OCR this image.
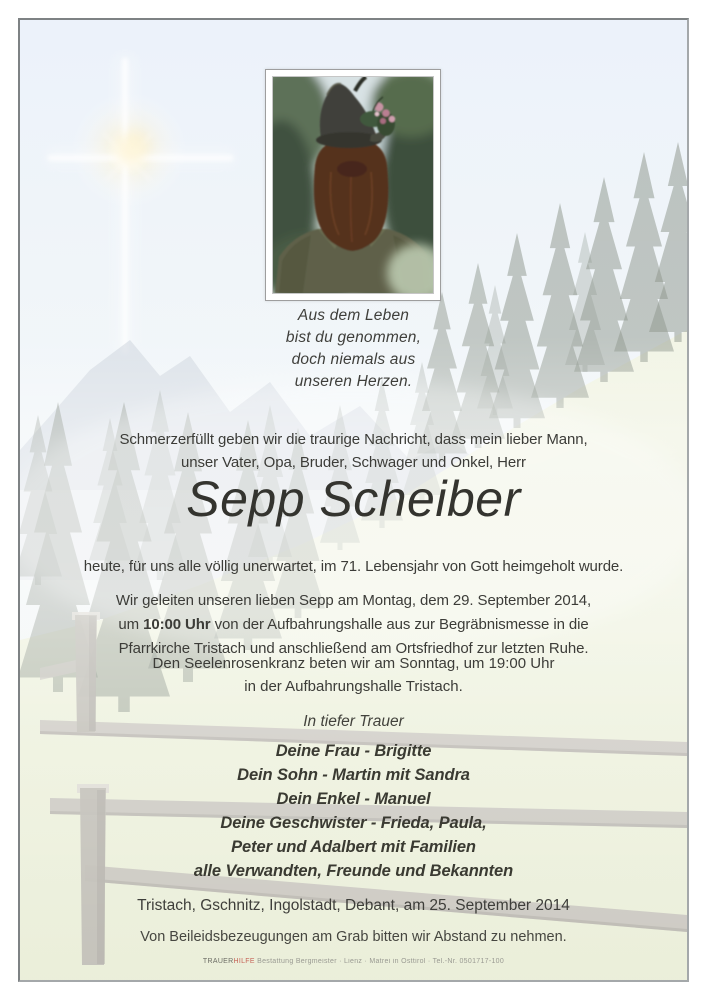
Aus dem Leben
bist du genommen,
doch niemals aus
unseren Herzen.
Schmerzerfüllt geben wir die traurige Nachricht, dass mein lieber Mann,
unser Vater, Opa, Bruder, Schwager und Onkel, Herr
Sepp Scheiber
heute, für uns alle völlig unerwartet, im 71. Lebensjahr von Gott heimgeholt wurde.
Wir geleiten unseren lieben Sepp am Montag, dem 29. September 2014,
um 10:00 Uhr von der Aufbahrungshalle aus zur Begräbnismesse in die
Pfarrkirche Tristach und anschließend am Ortsfriedhof zur letzten Ruhe.
Den Seelenrosenkranz beten wir am Sonntag, um 19:00 Uhr
in der Aufbahrungshalle Tristach.
In tiefer Trauer
Deine Frau - Brigitte
Dein Sohn - Martin mit Sandra
Dein Enkel - Manuel
Deine Geschwister - Frieda, Paula,
Peter und Adalbert mit Familien
alle Verwandten, Freunde und Bekannten
Tristach, Gschnitz, Ingolstadt, Debant, am 25. September 2014
Von Beileidsbezeugungen am Grab bitten wir Abstand zu nehmen.
TRAUERHILFE Bestattung Bergmeister · Lienz · Matrei in Osttirol · Tel.-Nr. 0501717-100
